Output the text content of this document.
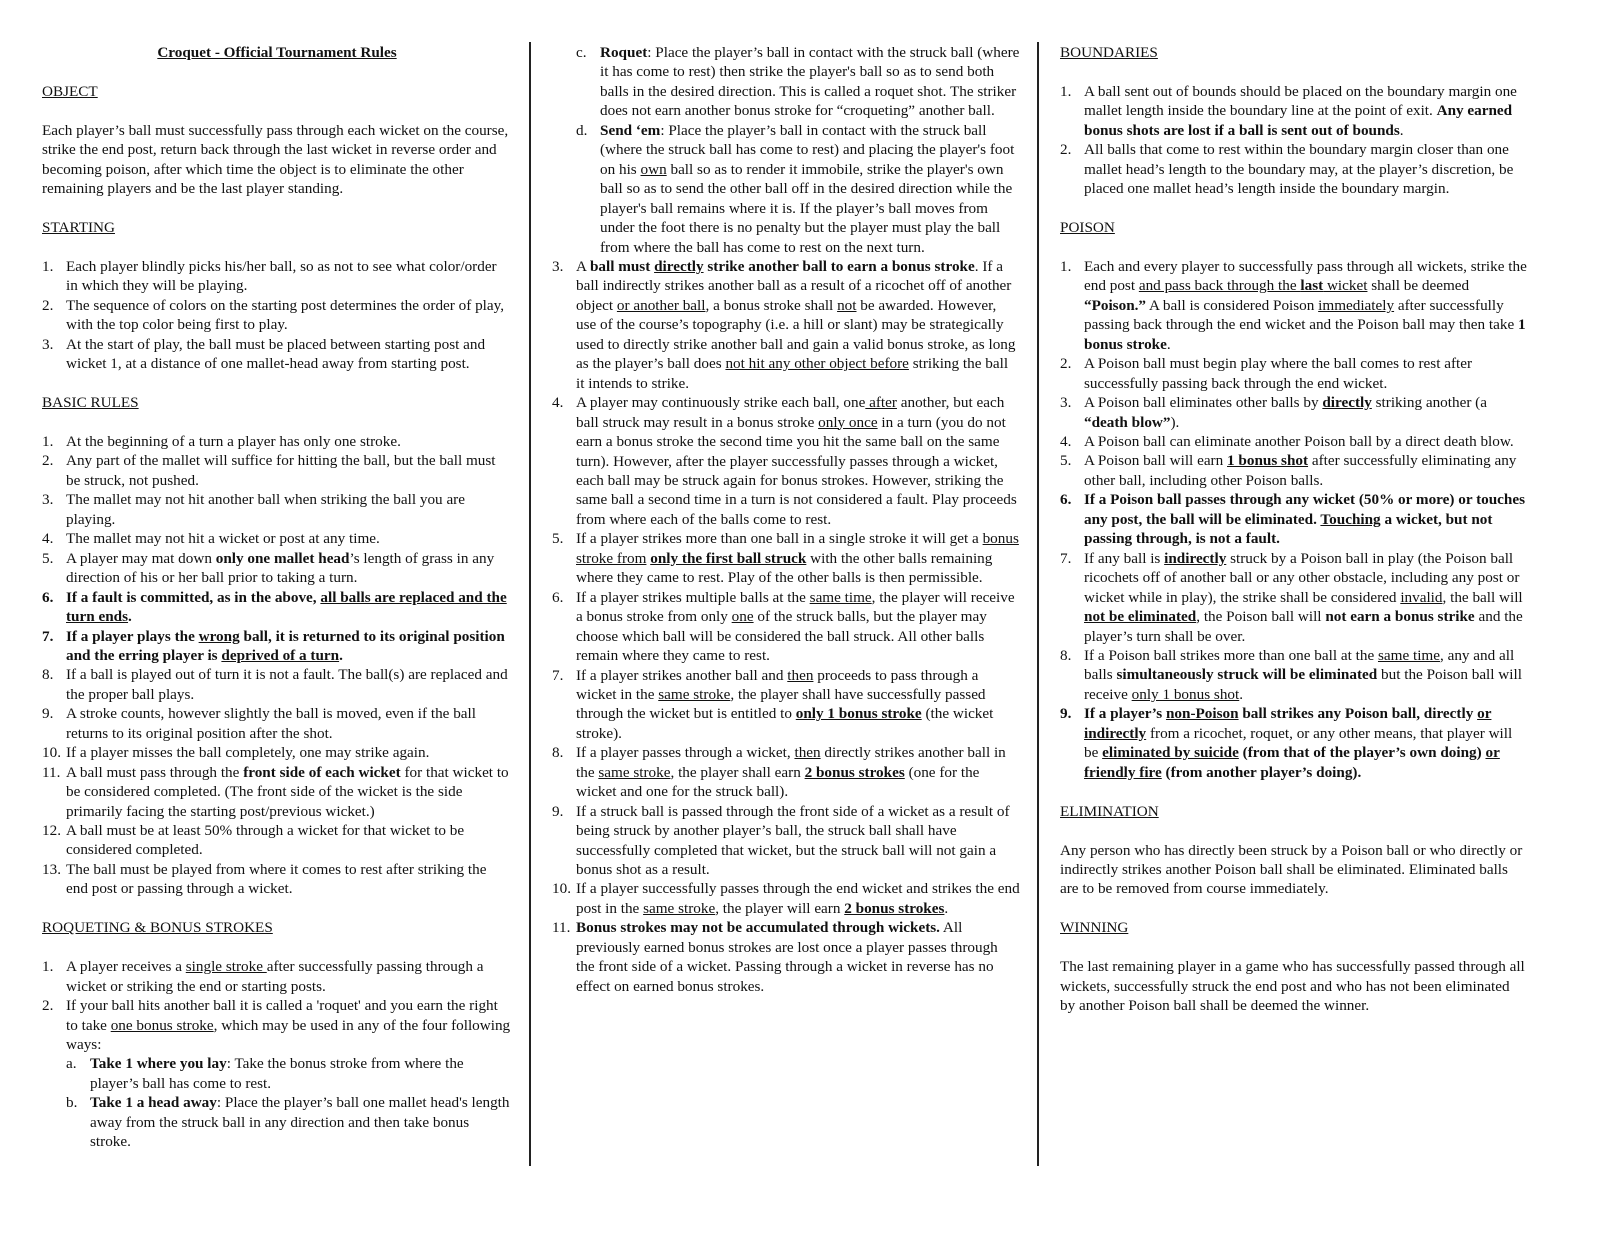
Croquet - Official Tournament Rules
OBJECT
Each player’s ball must successfully pass through each wicket on the course, strike the end post, return back through the last wicket in reverse order and becoming poison, after which time the object is to eliminate the other remaining players and be the last player standing.
STARTING
1. Each player blindly picks his/her ball, so as not to see what color/order in which they will be playing.
2. The sequence of colors on the starting post determines the order of play, with the top color being first to play.
3. At the start of play, the ball must be placed between starting post and wicket 1, at a distance of one mallet-head away from starting post.
BASIC RULES
1. At the beginning of a turn a player has only one stroke.
2. Any part of the mallet will suffice for hitting the ball, but the ball must be struck, not pushed.
3. The mallet may not hit another ball when striking the ball you are playing.
4. The mallet may not hit a wicket or post at any time.
5. A player may mat down only one mallet head’s length of grass in any direction of his or her ball prior to taking a turn.
6. If a fault is committed, as in the above, all balls are replaced and the turn ends.
7. If a player plays the wrong ball, it is returned to its original position and the erring player is deprived of a turn.
8. If a ball is played out of turn it is not a fault. The ball(s) are replaced and the proper ball plays.
9. A stroke counts, however slightly the ball is moved, even if the ball returns to its original position after the shot.
10. If a player misses the ball completely, one may strike again.
11. A ball must pass through the front side of each wicket for that wicket to be considered completed. (The front side of the wicket is the side primarily facing the starting post/previous wicket.)
12. A ball must be at least 50% through a wicket for that wicket to be considered completed.
13. The ball must be played from where it comes to rest after striking the end post or passing through a wicket.
ROQUETING & BONUS STROKES
1. A player receives a single stroke after successfully passing through a wicket or striking the end or starting posts.
2. If your ball hits another ball it is called a 'roquet' and you earn the right to take one bonus stroke, which may be used in any of the four following ways:
a. Take 1 where you lay: Take the bonus stroke from where the player’s ball has come to rest.
b. Take 1 a head away: Place the player’s ball one mallet head's length away from the struck ball in any direction and then take bonus stroke.
c. Roquet: Place the player’s ball in contact with the struck ball (where it has come to rest) then strike the player's ball so as to send both balls in the desired direction. This is called a roquet shot. The striker does not earn another bonus stroke for “croqueting” another ball.
d. Send ‘em: Place the player’s ball in contact with the struck ball (where the struck ball has come to rest) and placing the player's foot on his own ball so as to render it immobile, strike the player's own ball so as to send the other ball off in the desired direction while the player's ball remains where it is. If the player’s ball moves from under the foot there is no penalty but the player must play the ball from where the ball has come to rest on the next turn.
3. A ball must directly strike another ball to earn a bonus stroke. If a ball indirectly strikes another ball as a result of a ricochet off of another object or another ball, a bonus stroke shall not be awarded. However, use of the course’s topography (i.e. a hill or slant) may be strategically used to directly strike another ball and gain a valid bonus stroke, as long as the player’s ball does not hit any other object before striking the ball it intends to strike.
4. A player may continuously strike each ball, one after another, but each ball struck may result in a bonus stroke only once in a turn (you do not earn a bonus stroke the second time you hit the same ball on the same turn). However, after the player successfully passes through a wicket, each ball may be struck again for bonus strokes. However, striking the same ball a second time in a turn is not considered a fault. Play proceeds from where each of the balls come to rest.
5. If a player strikes more than one ball in a single stroke it will get a bonus stroke from only the first ball struck with the other balls remaining where they came to rest. Play of the other balls is then permissible.
6. If a player strikes multiple balls at the same time, the player will receive a bonus stroke from only one of the struck balls, but the player may choose which ball will be considered the ball struck. All other balls remain where they came to rest.
7. If a player strikes another ball and then proceeds to pass through a wicket in the same stroke, the player shall have successfully passed through the wicket but is entitled to only 1 bonus stroke (the wicket stroke).
8. If a player passes through a wicket, then directly strikes another ball in the same stroke, the player shall earn 2 bonus strokes (one for the wicket and one for the struck ball).
9. If a struck ball is passed through the front side of a wicket as a result of being struck by another player’s ball, the struck ball shall have successfully completed that wicket, but the struck ball will not gain a bonus shot as a result.
10. If a player successfully passes through the end wicket and strikes the end post in the same stroke, the player will earn 2 bonus strokes.
11. Bonus strokes may not be accumulated through wickets. All previously earned bonus strokes are lost once a player passes through the front side of a wicket. Passing through a wicket in reverse has no effect on earned bonus strokes.
BOUNDARIES
1. A ball sent out of bounds should be placed on the boundary margin one mallet length inside the boundary line at the point of exit. Any earned bonus shots are lost if a ball is sent out of bounds.
2. All balls that come to rest within the boundary margin closer than one mallet head’s length to the boundary may, at the player’s discretion, be placed one mallet head’s length inside the boundary margin.
POISON
1. Each and every player to successfully pass through all wickets, strike the end post and pass back through the last wicket shall be deemed “Poison.” A ball is considered Poison immediately after successfully passing back through the end wicket and the Poison ball may then take 1 bonus stroke.
2. A Poison ball must begin play where the ball comes to rest after successfully passing back through the end wicket.
3. A Poison ball eliminates other balls by directly striking another (a “death blow”).
4. A Poison ball can eliminate another Poison ball by a direct death blow.
5. A Poison ball will earn 1 bonus shot after successfully eliminating any other ball, including other Poison balls.
6. If a Poison ball passes through any wicket (50% or more) or touches any post, the ball will be eliminated. Touching a wicket, but not passing through, is not a fault.
7. If any ball is indirectly struck by a Poison ball in play (the Poison ball ricochets off of another ball or any other obstacle, including any post or wicket while in play), the strike shall be considered invalid, the ball will not be eliminated, the Poison ball will not earn a bonus strike and the player’s turn shall be over.
8. If a Poison ball strikes more than one ball at the same time, any and all balls simultaneously struck will be eliminated but the Poison ball will receive only 1 bonus shot.
9. If a player’s non-Poison ball strikes any Poison ball, directly or indirectly from a ricochet, roquet, or any other means, that player will be eliminated by suicide (from that of the player’s own doing) or friendly fire (from another player’s doing).
ELIMINATION
Any person who has directly been struck by a Poison ball or who directly or indirectly strikes another Poison ball shall be eliminated. Eliminated balls are to be removed from course immediately.
WINNING
The last remaining player in a game who has successfully passed through all wickets, successfully struck the end post and who has not been eliminated by another Poison ball shall be deemed the winner.
